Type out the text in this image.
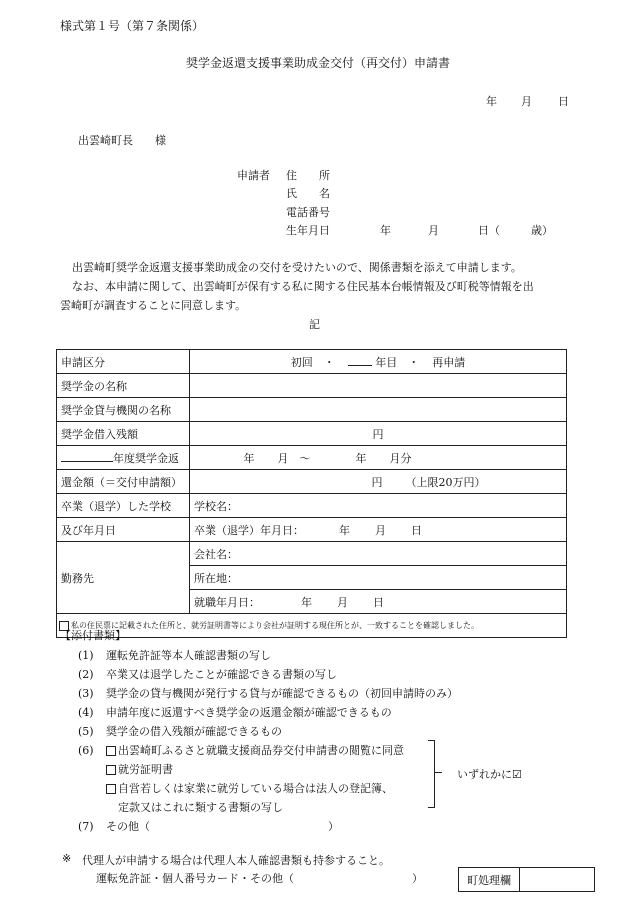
様式第１号（第７条関係）
奨学金返還支援事業助成金交付（再交付）申請書
年 月 日
出雲崎町長 様
申請者 住　　所
氏　　名
電話番号
生年月日	年	月	日（	歳）
出雲崎町奨学金返還支援事業助成金の交付を受けたいので、関係書類を添えて申請します。
なお、本申請に関して、出雲崎町が保有する私に関する住民基本台帳情報及び町税等情報を出
雲崎町が調査することに同意します。
記
申請区分	初回　・ 年目　・ 再申請
奨学金の名称	
奨学金貸与機関の名称	
奨学金借入残額	円
年度奨学金返	年 月　～ 年 月分
還金額（＝交付申請額）	円 （上限20万円）
卒業（退学）した学校	学校名：
及び年月日	卒業（退学）年月日： 年 月 日
勤務先	会社名：
	所在地：
	就職年月日： 年 月 日
私の住民票に記載された住所と、就労証明書等により会社が証明する現住所とが、一致することを確認しました。	
【添付書類】
(1) 運転免許証等本人確認書類の写し
(2) 卒業又は退学したことが確認できる書類の写し
(3) 奨学金の貸与機関が発行する貸与が確認できるもの（初回申請時のみ）
(4) 申請年度に返還すべき奨学金の返還金額が確認できるもの
(5) 奨学金の借入残額が確認できるもの
(6) 出雲崎町ふるさと就職支援商品券交付申請書の閲覧に同意
就労証明書
自営若しくは家業に就労している場合は法人の登記簿、
定款又はこれに類する書類の写し
いずれかに☑
(7) その他（	）
※ 代理人が申請する場合は代理人本人確認書類も持参すること。
運転免許証・個人番号カード・その他（	）	町処理欄
